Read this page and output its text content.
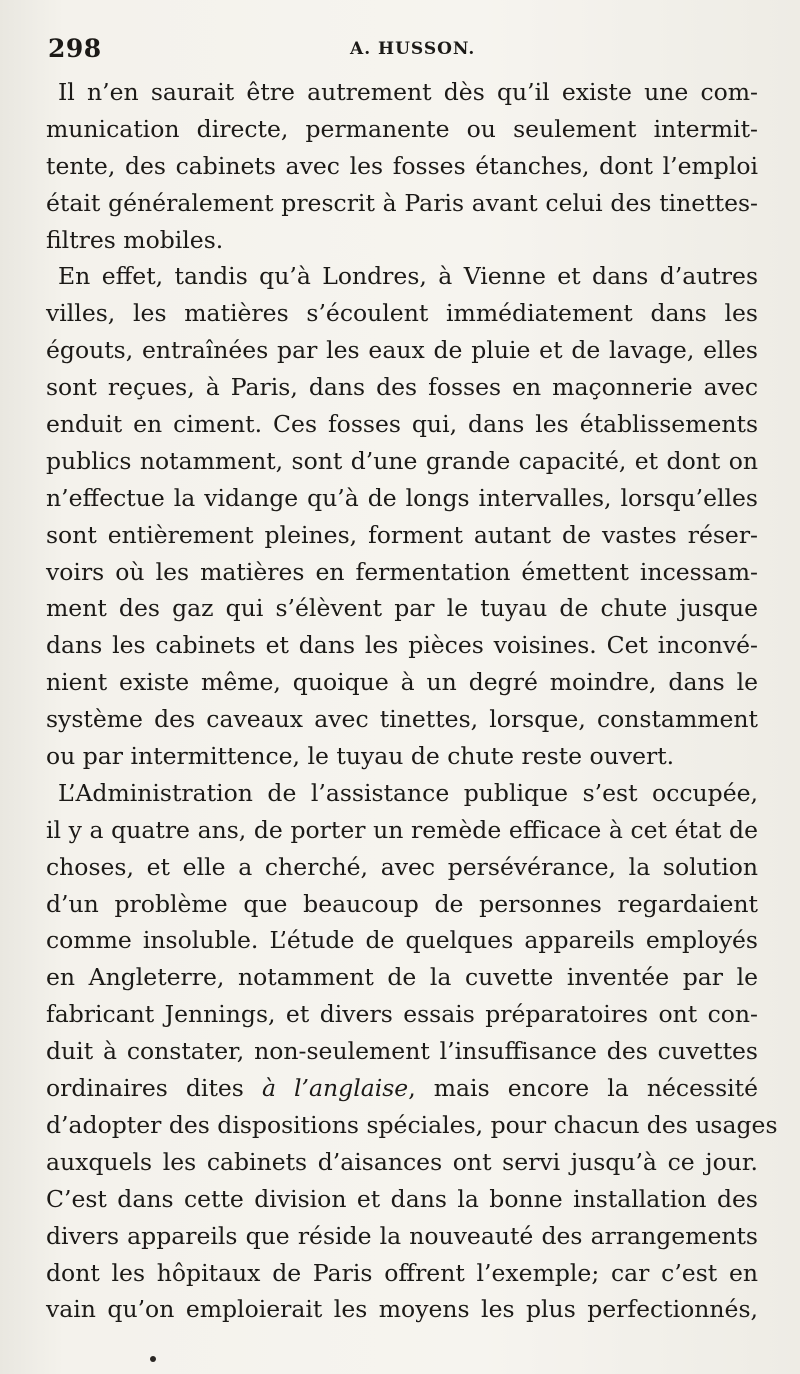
298	A. HUSSON.
Il n’en saurait être autrement dès qu’il existe une com-
munication directe, permanente ou seulement intermit-
tente, des cabinets avec les fosses étanches, dont l’emploi
était généralement prescrit à Paris avant celui des tinettes-
filtres mobiles.
En effet, tandis qu’à Londres, à Vienne et dans d’autres
villes, les matières s’écoulent immédiatement dans les
égouts, entraînées par les eaux de pluie et de lavage, elles
sont reçues, à Paris, dans des fosses en maçonnerie avec
enduit en ciment. Ces fosses qui, dans les établissements
publics notamment, sont d’une grande capacité, et dont on
n’effectue la vidange qu’à de longs intervalles, lorsqu’elles
sont entièrement pleines, forment autant de vastes réser-
voirs où les matières en fermentation émettent incessam-
ment des gaz qui s’élèvent par le tuyau de chute jusque
dans les cabinets et dans les pièces voisines. Cet inconvé-
nient existe même, quoique à un degré moindre, dans le
système des caveaux avec tinettes, lorsque, constamment
ou par intermittence, le tuyau de chute reste ouvert.
L’Administration de l’assistance publique s’est occupée,
il y a quatre ans, de porter un remède efficace à cet état de
choses, et elle a cherché, avec persévérance, la solution
d’un problème que beaucoup de personnes regardaient
comme insoluble. L’étude de quelques appareils employés
en Angleterre, notamment de la cuvette inventée par le
fabricant Jennings, et divers essais préparatoires ont con-
duit à constater, non-seulement l’insuffisance des cuvettes
ordinaires dites à l’anglaise, mais encore la nécessité
d’adopter des dispositions spéciales, pour chacun des usages
auxquels les cabinets d’aisances ont servi jusqu’à ce jour.
C’est dans cette division et dans la bonne installation des
divers appareils que réside la nouveauté des arrangements
dont les hôpitaux de Paris offrent l’exemple; car c’est en
vain qu’on emploierait les moyens les plus perfectionnés,
